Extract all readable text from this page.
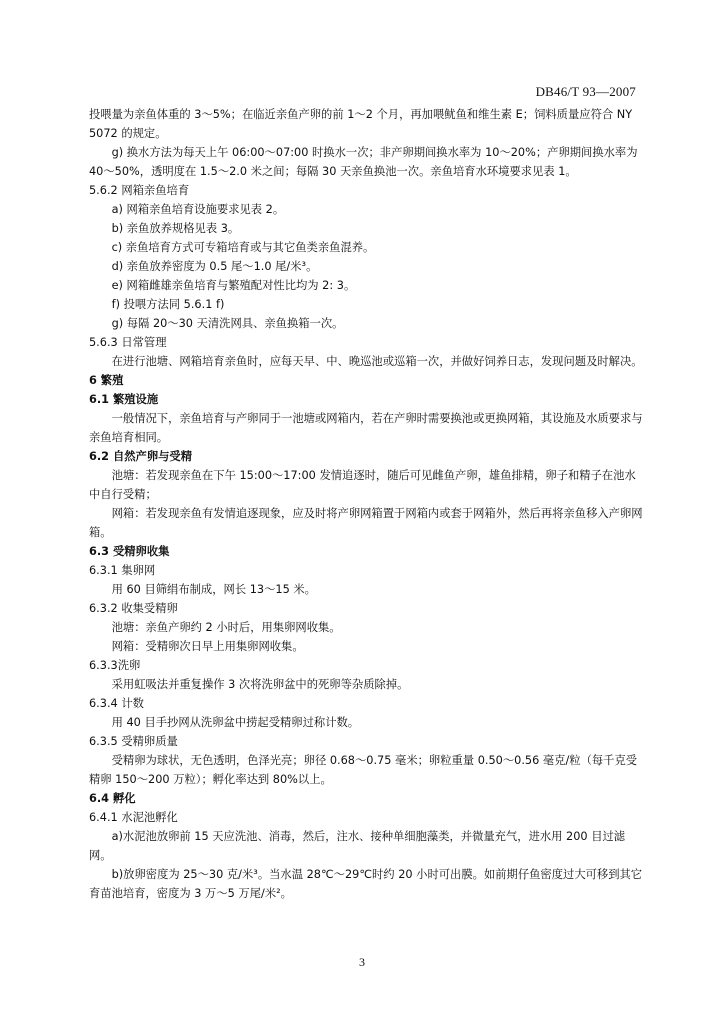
DB46/T 93—2007

投喂量为亲鱼体重的 3～5%；在临近亲鱼产卵的前 1～2 个月，再加喂鱿鱼和维生素 E；饲料质量应符合 NY 5072 的规定。

g) 换水方法为每天上午 06:00～07:00 时换水一次；非产卵期间换水率为 10～20%；产卵期间换水率为 40～50%，透明度在 1.5～2.0 米之间；每隔 30 天亲鱼换池一次。亲鱼培育水环境要求见表 1。

5.6.2 网箱亲鱼培育

a) 网箱亲鱼培育设施要求见表 2。

b) 亲鱼放养规格见表 3。

c) 亲鱼培育方式可专箱培育或与其它鱼类亲鱼混养。

d) 亲鱼放养密度为 0.5 尾～1.0 尾/米³。

e) 网箱雌雄亲鱼培育与繁殖配对性比均为 2: 3。

f) 投喂方法同 5.6.1 f)

g) 每隔 20～30 天清洗网具、亲鱼换箱一次。

5.6.3 日常管理

在进行池塘、网箱培育亲鱼时，应每天早、中、晚巡池或巡箱一次，并做好饲养日志，发现问题及时解决。

6 繁殖

6.1 繁殖设施

一般情况下，亲鱼培育与产卵同于一池塘或网箱内，若在产卵时需要换池或更换网箱，其设施及水质要求与亲鱼培育相同。

6.2 自然产卵与受精

池塘：若发现亲鱼在下午 15:00～17:00 发情追逐时，随后可见雌鱼产卵，雄鱼排精，卵子和精子在池水中自行受精；

网箱：若发现亲鱼有发情追逐现象，应及时将产卵网箱置于网箱内或套于网箱外，然后再将亲鱼移入产卵网箱。

6.3 受精卵收集

6.3.1 集卵网

用 60 目筛绢布制成，网长 13～15 米。

6.3.2 收集受精卵

池塘：亲鱼产卵约 2 小时后，用集卵网收集。

网箱：受精卵次日早上用集卵网收集。

6.3.3洗卵

采用虹吸法并重复操作 3 次将洗卵盆中的死卵等杂质除掉。

6.3.4 计数

用 40 目手抄网从洗卵盆中捞起受精卵过称计数。

6.3.5 受精卵质量

受精卵为球状，无色透明，色泽光亮；卵径 0.68～0.75 毫米；卵粒重量 0.50～0.56 毫克/粒（每千克受精卵 150～200 万粒）；孵化率达到 80%以上。

6.4 孵化

6.4.1 水泥池孵化

a)水泥池放卵前 15 天应洗池、消毒，然后，注水、接种单细胞藻类，并微量充气，进水用 200 目过滤网。

b)放卵密度为 25～30 克/米³。当水温 28℃～29℃时约 20 小时可出膜。如前期仔鱼密度过大可移到其它育苗池培育，密度为 3 万～5 万尾/米²。

3
